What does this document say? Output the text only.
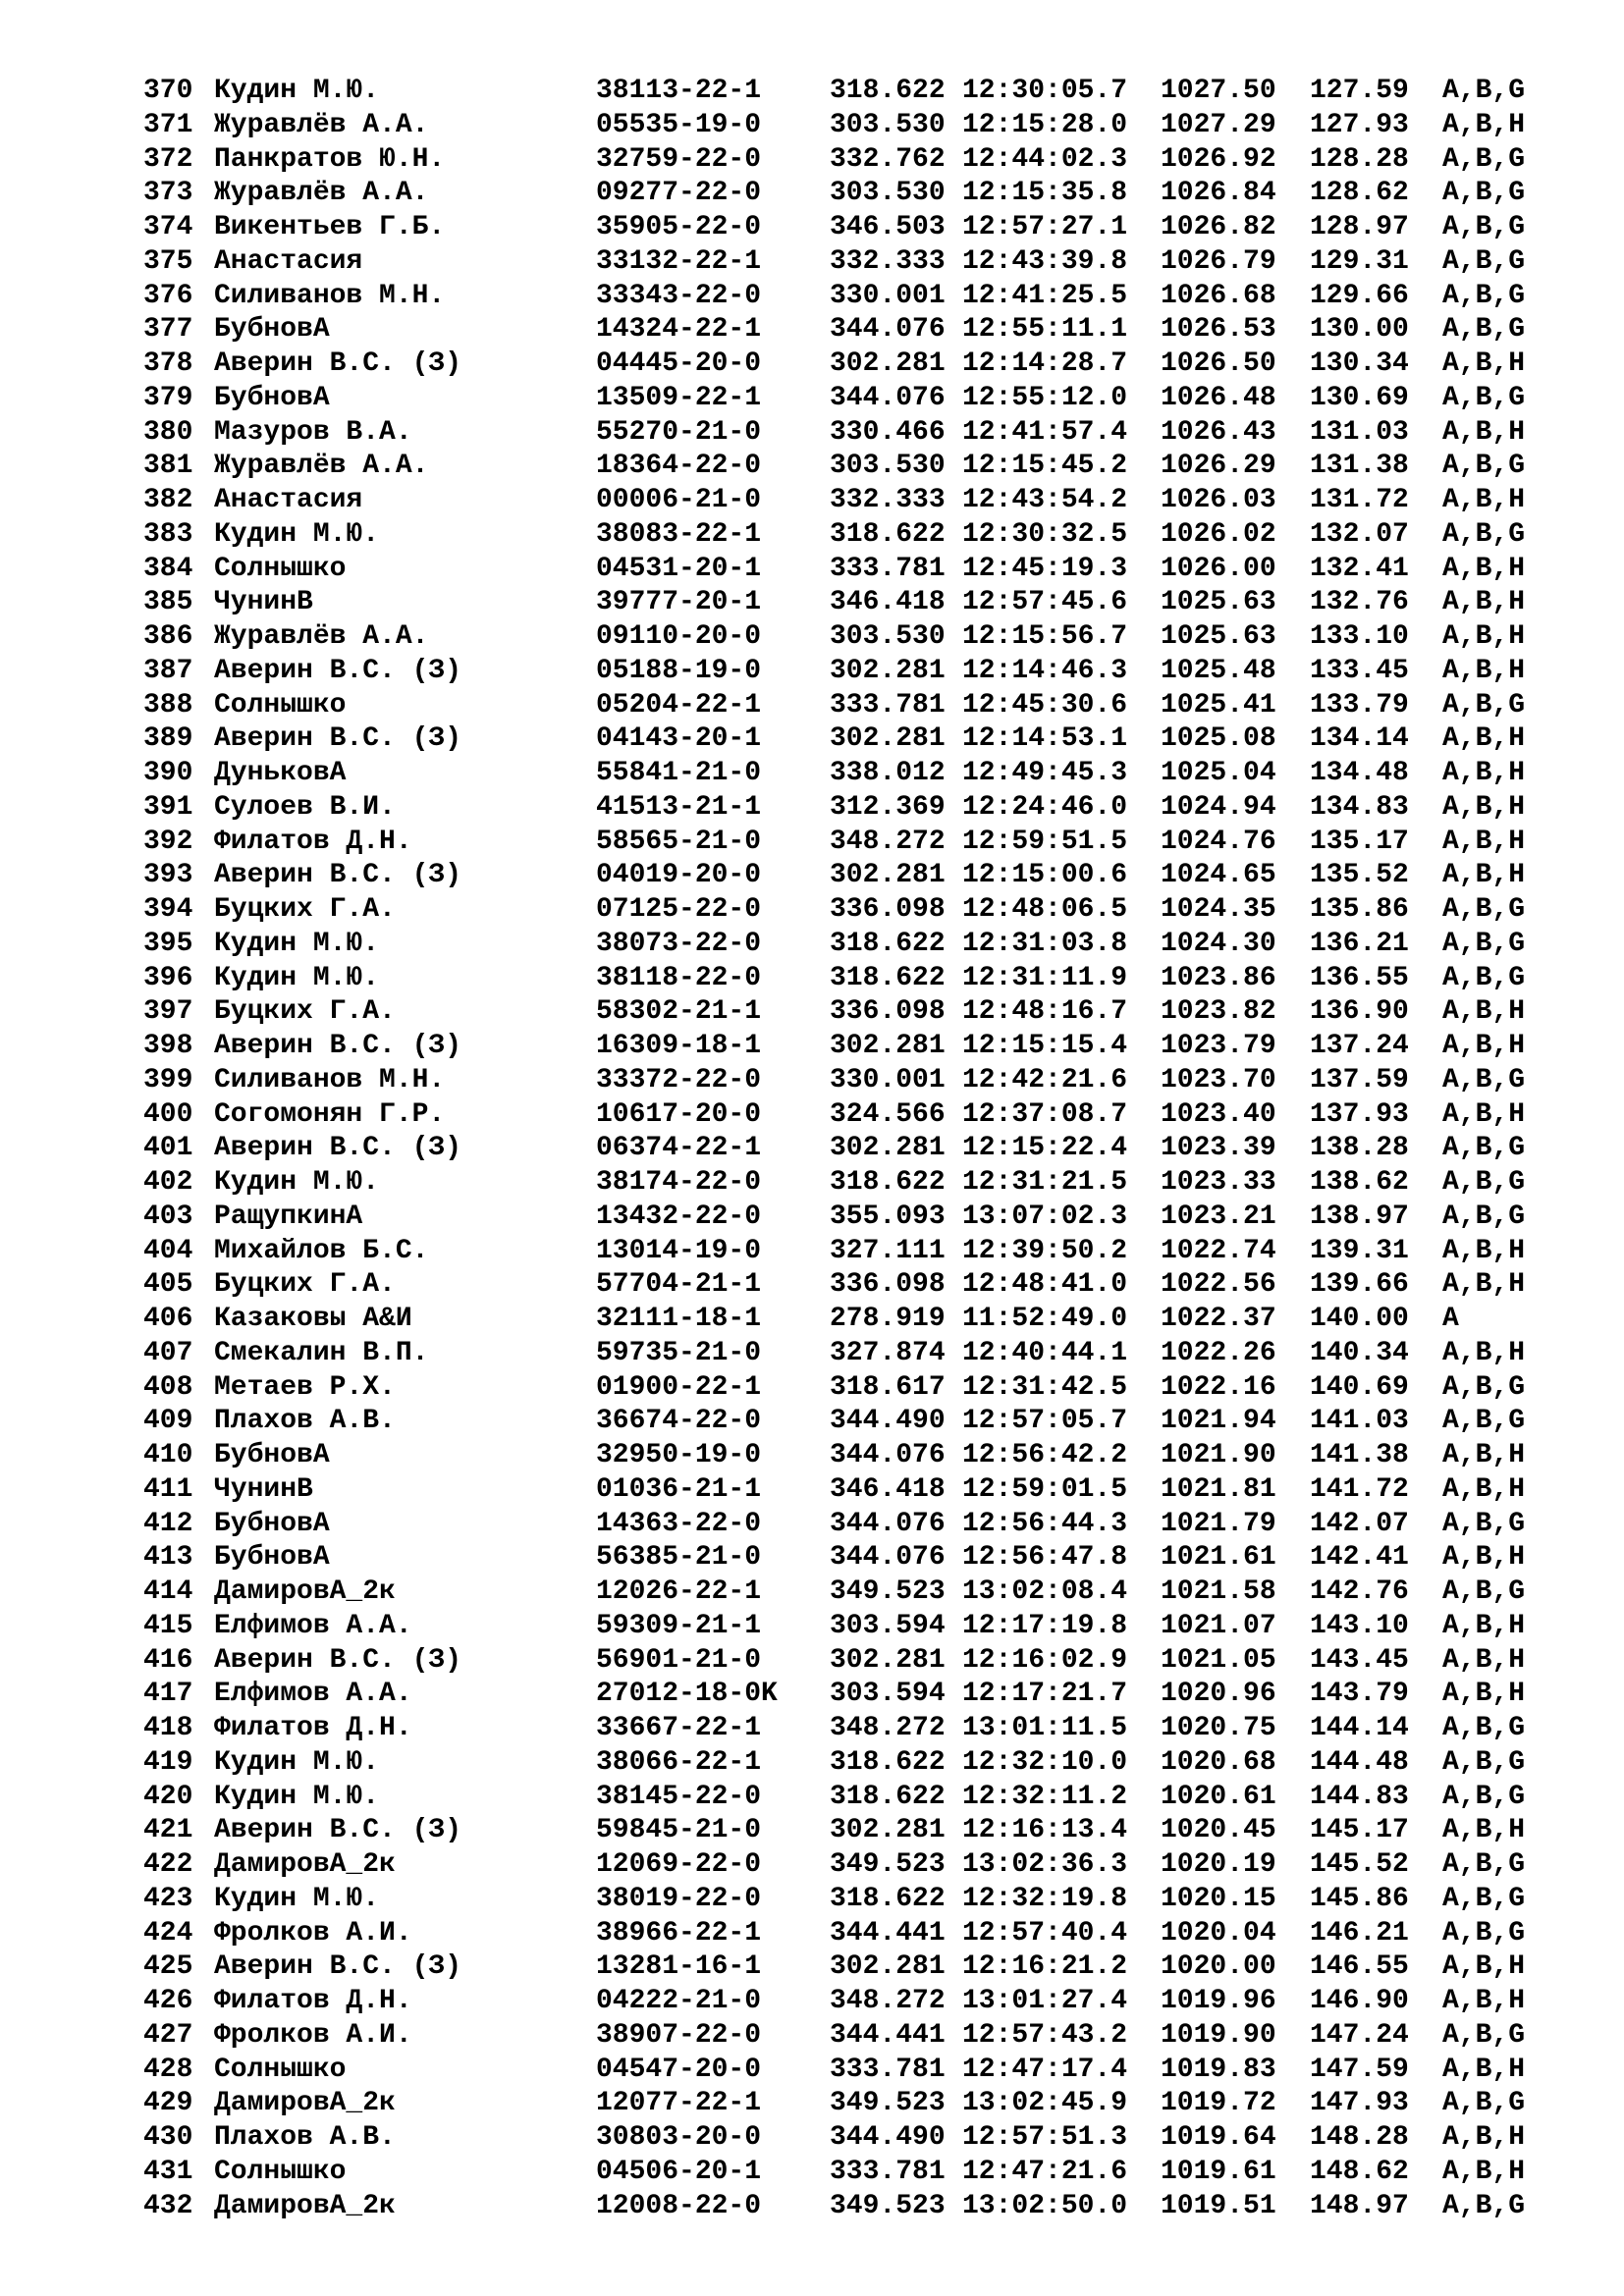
370 Кудин М.Ю.	38113-22-1	318.622 12:30:05.7	1027.50	127.59	A,B,G
371 Журавлёв А.А.	05535-19-0	303.530 12:15:28.0	1027.29	127.93	A,B,H
372 Панкратов Ю.Н.	32759-22-0	332.762 12:44:02.3	1026.92	128.28	A,B,G
373 Журавлёв А.А.	09277-22-0	303.530 12:15:35.8	1026.84	128.62	A,B,G
374 Викентьев Г.Б.	35905-22-0	346.503 12:57:27.1	1026.82	128.97	A,B,G
375 Анастасия	33132-22-1	332.333 12:43:39.8	1026.79	129.31	A,B,G
376 Силиванов М.Н.	33343-22-0	330.001 12:41:25.5	1026.68	129.66	A,B,G
377 БубновА	14324-22-1	344.076 12:55:11.1	1026.53	130.00	A,B,G
378 Аверин В.С. (З)	04445-20-0	302.281 12:14:28.7	1026.50	130.34	A,B,H
379 БубновА	13509-22-1	344.076 12:55:12.0	1026.48	130.69	A,B,G
380 Мазуров В.А.	55270-21-0	330.466 12:41:57.4	1026.43	131.03	A,B,H
381 Журавлёв А.А.	18364-22-0	303.530 12:15:45.2	1026.29	131.38	A,B,G
382 Анастасия	00006-21-0	332.333 12:43:54.2	1026.03	131.72	A,B,H
383 Кудин М.Ю.	38083-22-1	318.622 12:30:32.5	1026.02	132.07	A,B,G
384 Солнышко	04531-20-1	333.781 12:45:19.3	1026.00	132.41	A,B,H
385 ЧунинВ	39777-20-1	346.418 12:57:45.6	1025.63	132.76	A,B,H
386 Журавлёв А.А.	09110-20-0	303.530 12:15:56.7	1025.63	133.10	A,B,H
387 Аверин В.С. (З)	05188-19-0	302.281 12:14:46.3	1025.48	133.45	A,B,H
388 Солнышко	05204-22-1	333.781 12:45:30.6	1025.41	133.79	A,B,G
389 Аверин В.С. (З)	04143-20-1	302.281 12:14:53.1	1025.08	134.14	A,B,H
390 ДуньковА	55841-21-0	338.012 12:49:45.3	1025.04	134.48	A,B,H
391 Сулоев В.И.	41513-21-1	312.369 12:24:46.0	1024.94	134.83	A,B,H
392 Филатов Д.Н.	58565-21-0	348.272 12:59:51.5	1024.76	135.17	A,B,H
393 Аверин В.С. (З)	04019-20-0	302.281 12:15:00.6	1024.65	135.52	A,B,H
394 Буцких Г.А.	07125-22-0	336.098 12:48:06.5	1024.35	135.86	A,B,G
395 Кудин М.Ю.	38073-22-0	318.622 12:31:03.8	1024.30	136.21	A,B,G
396 Кудин М.Ю.	38118-22-0	318.622 12:31:11.9	1023.86	136.55	A,B,G
397 Буцких Г.А.	58302-21-1	336.098 12:48:16.7	1023.82	136.90	A,B,H
398 Аверин В.С. (З)	16309-18-1	302.281 12:15:15.4	1023.79	137.24	A,B,H
399 Силиванов М.Н.	33372-22-0	330.001 12:42:21.6	1023.70	137.59	A,B,G
400 Согомонян Г.Р.	10617-20-0	324.566 12:37:08.7	1023.40	137.93	A,B,H
401 Аверин В.С. (З)	06374-22-1	302.281 12:15:22.4	1023.39	138.28	A,B,G
402 Кудин М.Ю.	38174-22-0	318.622 12:31:21.5	1023.33	138.62	A,B,G
403 РащупкинА	13432-22-0	355.093 13:07:02.3	1023.21	138.97	A,B,G
404 Михайлов Б.С.	13014-19-0	327.111 12:39:50.2	1022.74	139.31	A,B,H
405 Буцких Г.А.	57704-21-1	336.098 12:48:41.0	1022.56	139.66	A,B,H
406 Казаковы А&И	32111-18-1	278.919 11:52:49.0	1022.37	140.00	A
407 Смекалин В.П.	59735-21-0	327.874 12:40:44.1	1022.26	140.34	A,B,H
408 Метаев Р.Х.	01900-22-1	318.617 12:31:42.5	1022.16	140.69	A,B,G
409 Плахов А.В.	36674-22-0	344.490 12:57:05.7	1021.94	141.03	A,B,G
410 БубновА	32950-19-0	344.076 12:56:42.2	1021.90	141.38	A,B,H
411 ЧунинВ	01036-21-1	346.418 12:59:01.5	1021.81	141.72	A,B,H
412 БубновА	14363-22-0	344.076 12:56:44.3	1021.79	142.07	A,B,G
413 БубновА	56385-21-0	344.076 12:56:47.8	1021.61	142.41	A,B,H
414 ДамировА_2к	12026-22-1	349.523 13:02:08.4	1021.58	142.76	A,B,G
415 Елфимов А.А.	59309-21-1	303.594 12:17:19.8	1021.07	143.10	A,B,H
416 Аверин В.С. (З)	56901-21-0	302.281 12:16:02.9	1021.05	143.45	A,B,H
417 Елфимов А.А.	27012-18-0K	303.594 12:17:21.7	1020.96	143.79	A,B,H
418 Филатов Д.Н.	33667-22-1	348.272 13:01:11.5	1020.75	144.14	A,B,G
419 Кудин М.Ю.	38066-22-1	318.622 12:32:10.0	1020.68	144.48	A,B,G
420 Кудин М.Ю.	38145-22-0	318.622 12:32:11.2	1020.61	144.83	A,B,G
421 Аверин В.С. (З)	59845-21-0	302.281 12:16:13.4	1020.45	145.17	A,B,H
422 ДамировА_2к	12069-22-0	349.523 13:02:36.3	1020.19	145.52	A,B,G
423 Кудин М.Ю.	38019-22-0	318.622 12:32:19.8	1020.15	145.86	A,B,G
424 Фролков А.И.	38966-22-1	344.441 12:57:40.4	1020.04	146.21	A,B,G
425 Аверин В.С. (З)	13281-16-1	302.281 12:16:21.2	1020.00	146.55	A,B,H
426 Филатов Д.Н.	04222-21-0	348.272 13:01:27.4	1019.96	146.90	A,B,H
427 Фролков А.И.	38907-22-0	344.441 12:57:43.2	1019.90	147.24	A,B,G
428 Солнышко	04547-20-0	333.781 12:47:17.4	1019.83	147.59	A,B,H
429 ДамировА_2к	12077-22-1	349.523 13:02:45.9	1019.72	147.93	A,B,G
430 Плахов А.В.	30803-20-0	344.490 12:57:51.3	1019.64	148.28	A,B,H
431 Солнышко	04506-20-1	333.781 12:47:21.6	1019.61	148.62	A,B,H
432 ДамировА_2к	12008-22-0	349.523 13:02:50.0	1019.51	148.97	A,B,G
